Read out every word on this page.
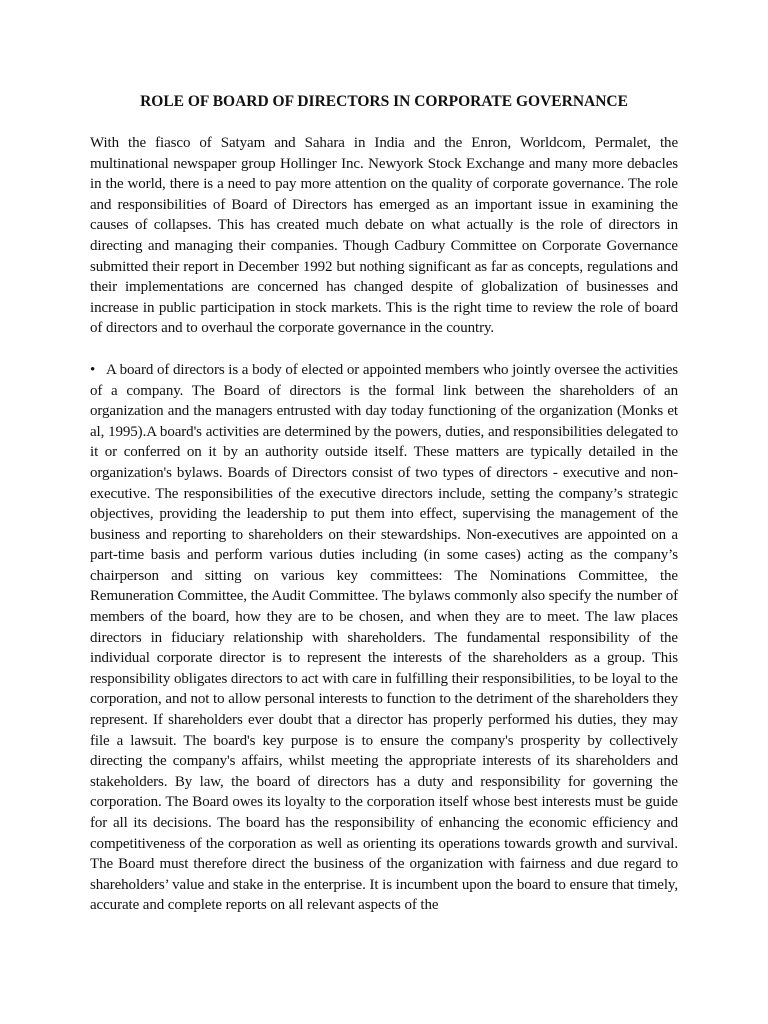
ROLE OF BOARD OF DIRECTORS IN CORPORATE GOVERNANCE

With the fiasco of Satyam and Sahara in India and the Enron, Worldcom, Permalet, the multinational newspaper group Hollinger Inc. Newyork Stock Exchange and many more debacles in the world, there is a need to pay more attention on the quality of corporate governance. The role and responsibilities of Board of Directors has emerged as an important issue in examining the causes of collapses. This has created much debate on what actually is the role of directors in directing and managing their companies. Though Cadbury Committee on Corporate Governance submitted their report in December 1992 but nothing significant as far as concepts, regulations and their implementations are concerned has changed despite of globalization of businesses and increase in public participation in stock markets. This is the right time to review the role of board of directors and to overhaul the corporate governance in the country.

• A board of directors is a body of elected or appointed members who jointly oversee the activities of a company. The Board of directors is the formal link between the shareholders of an organization and the managers entrusted with day today functioning of the organization (Monks et al, 1995).A board's activities are determined by the powers, duties, and responsibilities delegated to it or conferred on it by an authority outside itself. These matters are typically detailed in the organization's bylaws. Boards of Directors consist of two types of directors - executive and non-executive. The responsibilities of the executive directors include, setting the company’s strategic objectives, providing the leadership to put them into effect, supervising the management of the business and reporting to shareholders on their stewardships. Non-executives are appointed on a part-time basis and perform various duties including (in some cases) acting as the company’s chairperson and sitting on various key committees: The Nominations Committee, the Remuneration Committee, the Audit Committee. The bylaws commonly also specify the number of members of the board, how they are to be chosen, and when they are to meet. The law places directors in fiduciary relationship with shareholders. The fundamental responsibility of the individual corporate director is to represent the interests of the shareholders as a group. This responsibility obligates directors to act with care in fulfilling their responsibilities, to be loyal to the corporation, and not to allow personal interests to function to the detriment of the shareholders they represent. If shareholders ever doubt that a director has properly performed his duties, they may file a lawsuit. The board's key purpose is to ensure the company's prosperity by collectively directing the company's affairs, whilst meeting the appropriate interests of its shareholders and stakeholders. By law, the board of directors has a duty and responsibility for governing the corporation. The Board owes its loyalty to the corporation itself whose best interests must be guide for all its decisions. The board has the responsibility of enhancing the economic efficiency and competitiveness of the corporation as well as orienting its operations towards growth and survival. The Board must therefore direct the business of the organization with fairness and due regard to shareholders’ value and stake in the enterprise. It is incumbent upon the board to ensure that timely, accurate and complete reports on all relevant aspects of the
